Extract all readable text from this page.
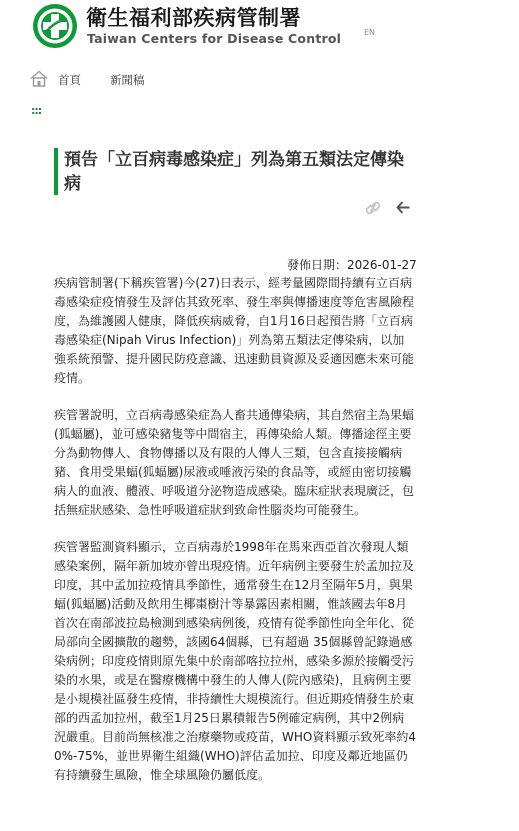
衛生福利部疾病管制署
Taiwan Centers for Disease Control	EN
首頁	新聞稿
:::
預告「立百病毒感染症」列為第五類法定傳染病
發佈日期：2026-01-27

疾病管制署(下稱疾管署)今(27)日表示，經考量國際間持續有立百病毒感染症疫情發生及評估其致死率、發生率與傳播速度等危害風險程度，為維護國人健康，降低疾病威脅，自1月16日起預告將「立百病毒感染症(Nipah Virus Infection)」列為第五類法定傳染病，以加強系統預警、提升國民防疫意識、迅速動員資源及妥適因應未來可能疫情。

疾管署說明，立百病毒感染症為人畜共通傳染病，其自然宿主為果蝠(狐蝠屬)，並可感染豬隻等中間宿主，再傳染給人類。傳播途徑主要分為動物傳人、食物傳播以及有限的人傳人三類，包含直接接觸病豬、食用受果蝠(狐蝠屬)尿液或唾液污染的食品等，或經由密切接觸病人的血液、體液、呼吸道分泌物造成感染。臨床症狀表現廣泛，包括無症狀感染、急性呼吸道症狀到致命性腦炎均可能發生。

疾管署監測資料顯示，立百病毒於1998年在馬來西亞首次發現人類感染案例，隔年新加坡亦曾出現疫情。近年病例主要發生於孟加拉及印度，其中孟加拉疫情具季節性，通常發生在12月至隔年5月，與果蝠(狐蝠屬)活動及飲用生椰棗樹汁等暴露因素相關，惟該國去年8月首次在南部波拉島檢測到感染病例後，疫情有從季節性向全年化、從局部向全國擴散的趨勢，該國64個縣，已有超過 35個縣曾記錄過感染病例；印度疫情則原先集中於南部喀拉拉州，感染多源於接觸受污染的水果，或是在醫療機構中發生的人傳人(院內感染)，且病例主要是小規模社區發生疫情，非持續性大規模流行。但近期疫情發生於東部的西孟加拉州，截至1月25日累積報告5例確定病例，其中2例病況嚴重。目前尚無核准之治療藥物或疫苗，WHO資料顯示致死率約40%-75%，並世界衛生組織(WHO)評估孟加拉、印度及鄰近地區仍有持續發生風險，惟全球風險仍屬低度。
